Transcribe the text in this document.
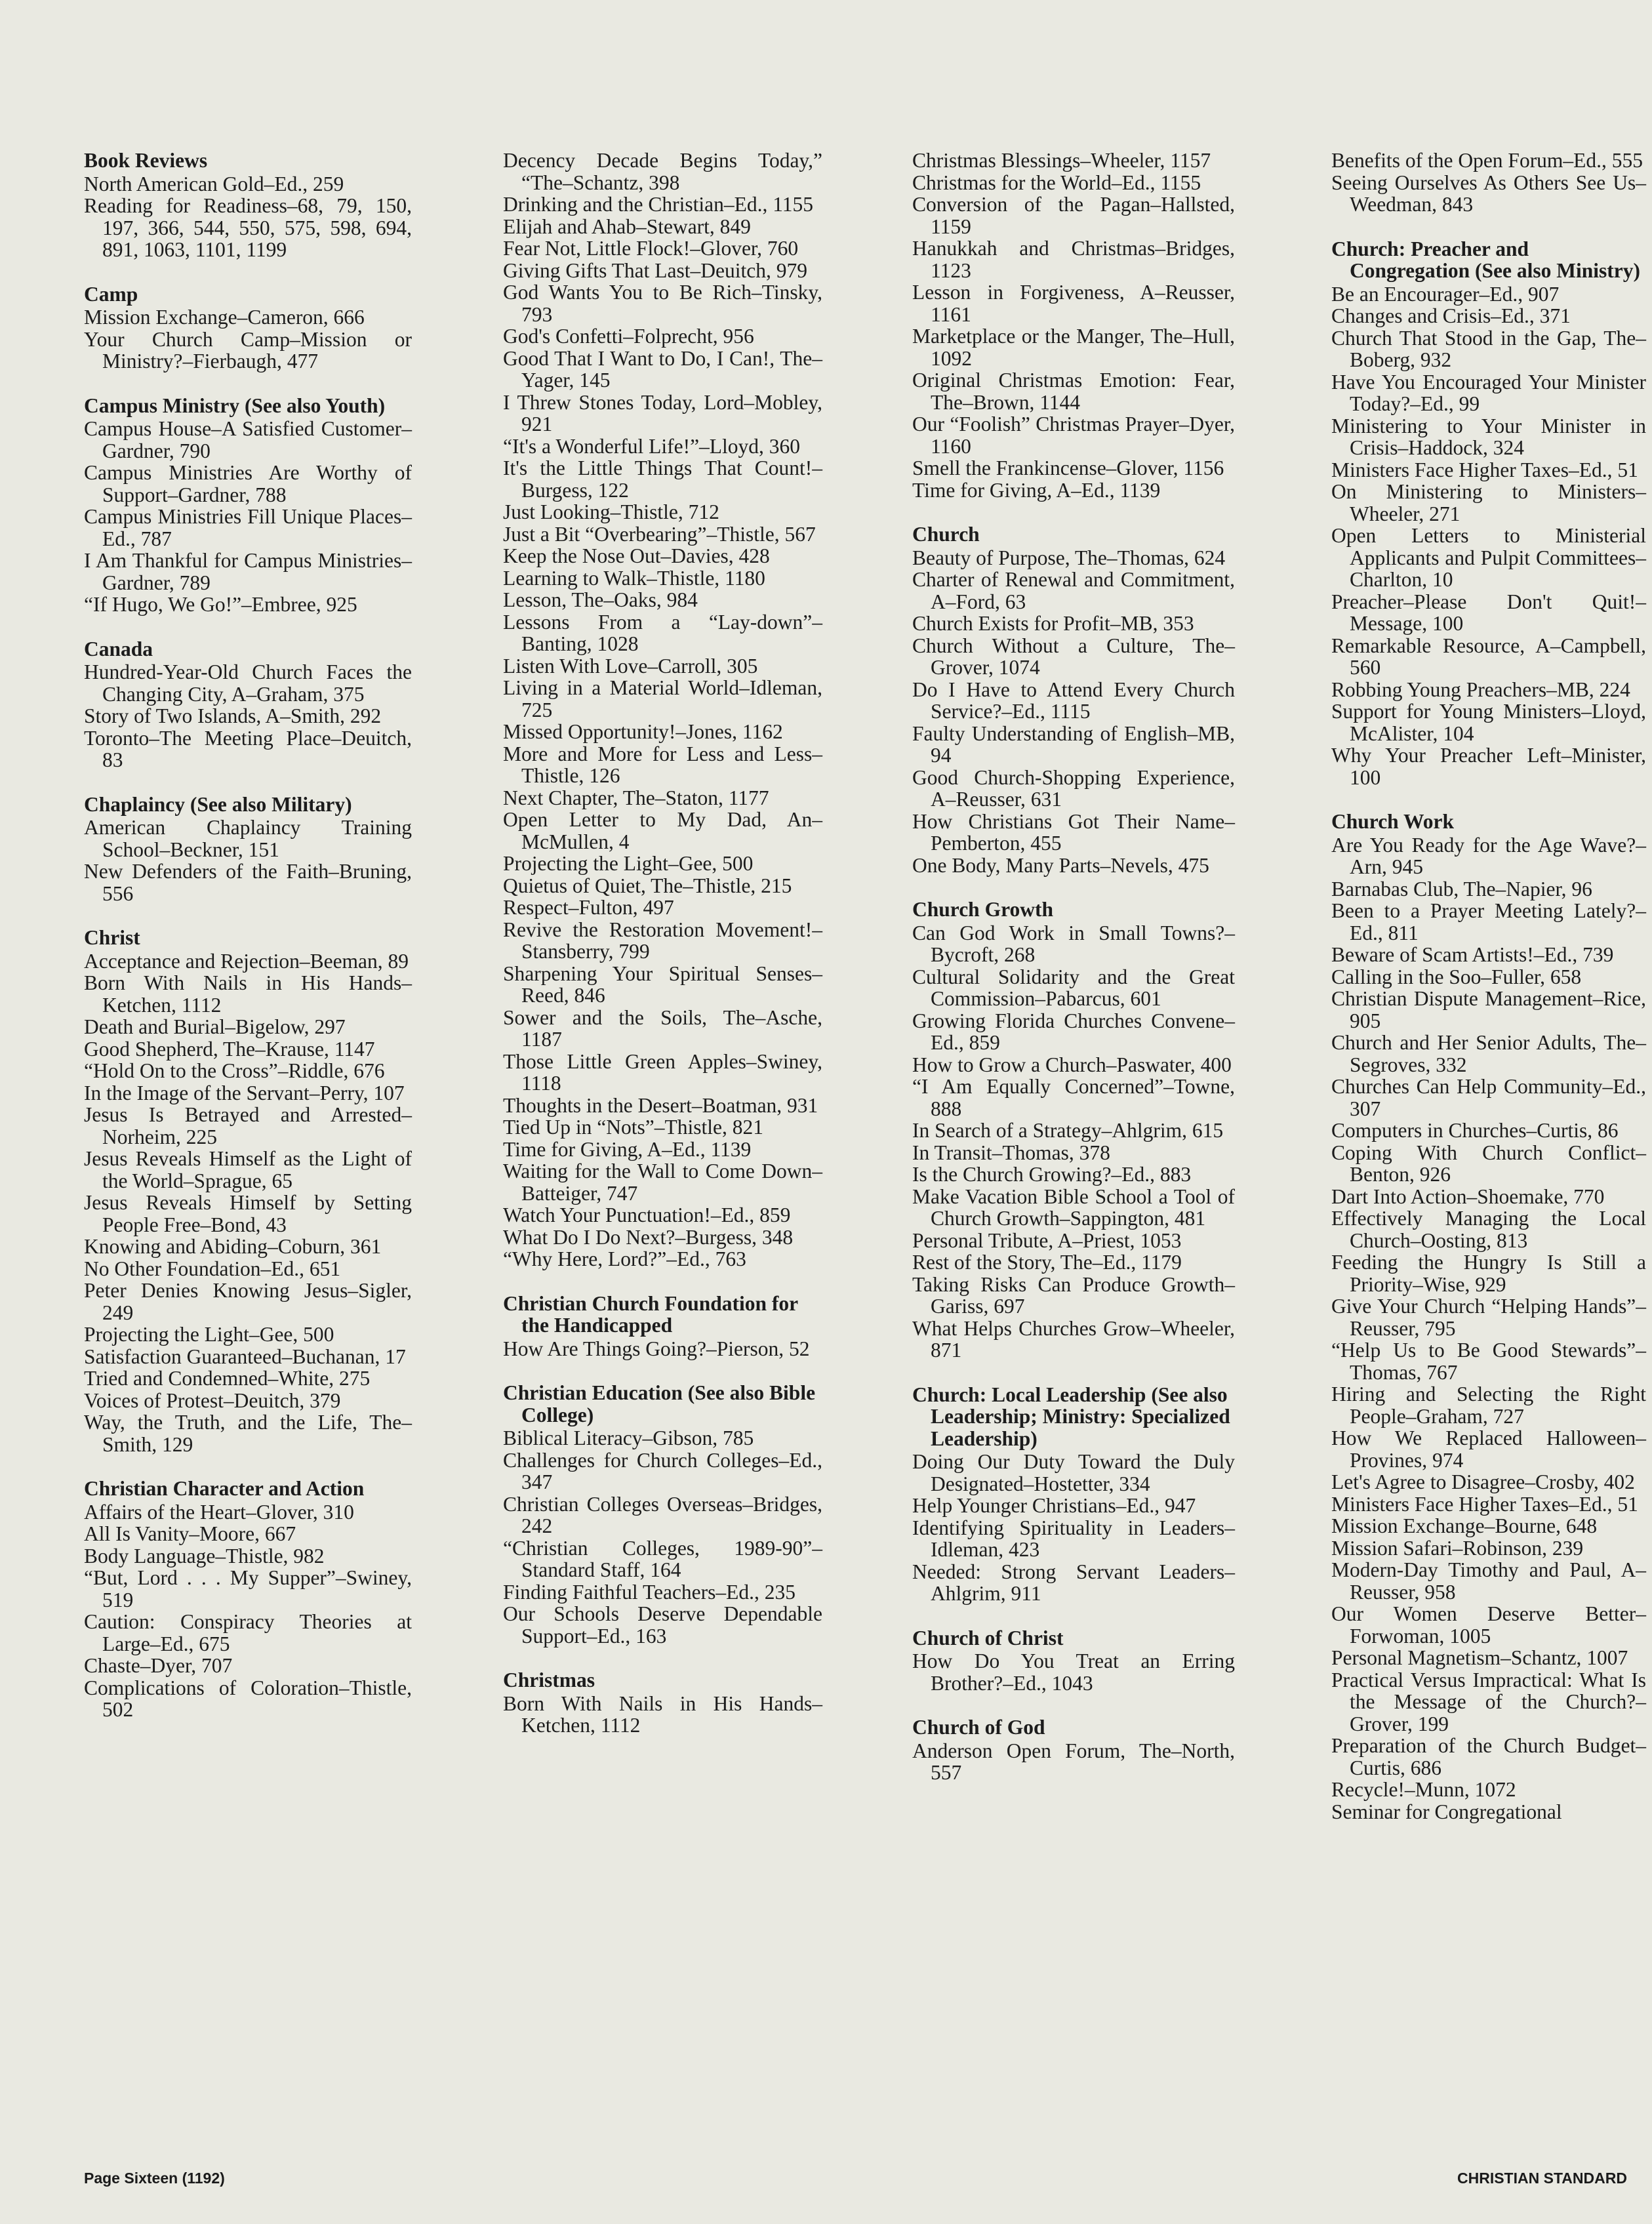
Book Reviews
North American Gold–Ed., 259
Reading for Readiness–68, 79, 150, 197, 366, 544, 550, 575, 598, 694, 891, 1063, 1101, 1199
Camp
Mission Exchange–Cameron, 666
Your Church Camp–Mission or Ministry?–Fierbaugh, 477
Campus Ministry (See also Youth)
Campus House–A Satisfied Customer–Gardner, 790
Campus Ministries Are Worthy of Support–Gardner, 788
Campus Ministries Fill Unique Places–Ed., 787
I Am Thankful for Campus Ministries–Gardner, 789
“If Hugo, We Go!”–Embree, 925
Canada
Hundred-Year-Old Church Faces the Changing City, A–Graham, 375
Story of Two Islands, A–Smith, 292
Toronto–The Meeting Place–Deuitch, 83
Chaplaincy (See also Military)
American Chaplaincy Training School–Beckner, 151
New Defenders of the Faith–Bruning, 556
Christ
Acceptance and Rejection–Beeman, 89
Born With Nails in His Hands–Ketchen, 1112
Death and Burial–Bigelow, 297
Good Shepherd, The–Krause, 1147
“Hold On to the Cross”–Riddle, 676
In the Image of the Servant–Perry, 107
Jesus Is Betrayed and Arrested–Norheim, 225
Jesus Reveals Himself as the Light of the World–Sprague, 65
Jesus Reveals Himself by Setting People Free–Bond, 43
Knowing and Abiding–Coburn, 361
No Other Foundation–Ed., 651
Peter Denies Knowing Jesus–Sigler, 249
Projecting the Light–Gee, 500
Satisfaction Guaranteed–Buchanan, 17
Tried and Condemned–White, 275
Voices of Protest–Deuitch, 379
Way, the Truth, and the Life, The–Smith, 129
Christian Character and Action
Affairs of the Heart–Glover, 310
All Is Vanity–Moore, 667
Body Language–Thistle, 982
“But, Lord . . . My Supper”–Swiney, 519
Caution: Conspiracy Theories at Large–Ed., 675
Chaste–Dyer, 707
Complications of Coloration–Thistle, 502
Decency Decade Begins Today,” “The–Schantz, 398
Drinking and the Christian–Ed., 1155
Elijah and Ahab–Stewart, 849
Fear Not, Little Flock!–Glover, 760
Giving Gifts That Last–Deuitch, 979
God Wants You to Be Rich–Tinsky, 793
God's Confetti–Folprecht, 956
Good That I Want to Do, I Can!, The–Yager, 145
I Threw Stones Today, Lord–Mobley, 921
“It's a Wonderful Life!”–Lloyd, 360
It's the Little Things That Count!–Burgess, 122
Just Looking–Thistle, 712
Just a Bit “Overbearing”–Thistle, 567
Keep the Nose Out–Davies, 428
Learning to Walk–Thistle, 1180
Lesson, The–Oaks, 984
Lessons From a “Lay-down”–Banting, 1028
Listen With Love–Carroll, 305
Living in a Material World–Idleman, 725
Missed Opportunity!–Jones, 1162
More and More for Less and Less–Thistle, 126
Next Chapter, The–Staton, 1177
Open Letter to My Dad, An–McMullen, 4
Projecting the Light–Gee, 500
Quietus of Quiet, The–Thistle, 215
Respect–Fulton, 497
Revive the Restoration Movement!–Stansberry, 799
Sharpening Your Spiritual Senses–Reed, 846
Sower and the Soils, The–Asche, 1187
Those Little Green Apples–Swiney, 1118
Thoughts in the Desert–Boatman, 931
Tied Up in “Nots”–Thistle, 821
Time for Giving, A–Ed., 1139
Waiting for the Wall to Come Down–Batteiger, 747
Watch Your Punctuation!–Ed., 859
What Do I Do Next?–Burgess, 348
“Why Here, Lord?”–Ed., 763
Christian Church Foundation for the Handicapped
How Are Things Going?–Pierson, 52
Christian Education (See also Bible College)
Biblical Literacy–Gibson, 785
Challenges for Church Colleges–Ed., 347
Christian Colleges Overseas–Bridges, 242
“Christian Colleges, 1989-90”–Standard Staff, 164
Finding Faithful Teachers–Ed., 235
Our Schools Deserve Dependable Support–Ed., 163
Christmas
Born With Nails in His Hands–Ketchen, 1112
Christmas Blessings–Wheeler, 1157
Christmas for the World–Ed., 1155
Conversion of the Pagan–Hallsted, 1159
Hanukkah and Christmas–Bridges, 1123
Lesson in Forgiveness, A–Reusser, 1161
Marketplace or the Manger, The–Hull, 1092
Original Christmas Emotion: Fear, The–Brown, 1144
Our “Foolish” Christmas Prayer–Dyer, 1160
Smell the Frankincense–Glover, 1156
Time for Giving, A–Ed., 1139
Church
Beauty of Purpose, The–Thomas, 624
Charter of Renewal and Commitment, A–Ford, 63
Church Exists for Profit–MB, 353
Church Without a Culture, The–Grover, 1074
Do I Have to Attend Every Church Service?–Ed., 1115
Faulty Understanding of English–MB, 94
Good Church-Shopping Experience, A–Reusser, 631
How Christians Got Their Name–Pemberton, 455
One Body, Many Parts–Nevels, 475
Church Growth
Can God Work in Small Towns?–Bycroft, 268
Cultural Solidarity and the Great Commission–Pabarcus, 601
Growing Florida Churches Convene–Ed., 859
How to Grow a Church–Paswater, 400
“I Am Equally Concerned”–Towne, 888
In Search of a Strategy–Ahlgrim, 615
In Transit–Thomas, 378
Is the Church Growing?–Ed., 883
Make Vacation Bible School a Tool of Church Growth–Sappington, 481
Personal Tribute, A–Priest, 1053
Rest of the Story, The–Ed., 1179
Taking Risks Can Produce Growth–Gariss, 697
What Helps Churches Grow–Wheeler, 871
Church: Local Leadership (See also Leadership; Ministry: Specialized Leadership)
Doing Our Duty Toward the Duly Designated–Hostetter, 334
Help Younger Christians–Ed., 947
Identifying Spirituality in Leaders–Idleman, 423
Needed: Strong Servant Leaders–Ahlgrim, 911
Church of Christ
How Do You Treat an Erring Brother?–Ed., 1043
Church of God
Anderson Open Forum, The–North, 557
Benefits of the Open Forum–Ed., 555
Seeing Ourselves As Others See Us–Weedman, 843
Church: Preacher and Congregation (See also Ministry)
Be an Encourager–Ed., 907
Changes and Crisis–Ed., 371
Church That Stood in the Gap, The–Boberg, 932
Have You Encouraged Your Minister Today?–Ed., 99
Ministering to Your Minister in Crisis–Haddock, 324
Ministers Face Higher Taxes–Ed., 51
On Ministering to Ministers–Wheeler, 271
Open Letters to Ministerial Applicants and Pulpit Committees–Charlton, 10
Preacher–Please Don't Quit!–Message, 100
Remarkable Resource, A–Campbell, 560
Robbing Young Preachers–MB, 224
Support for Young Ministers–Lloyd, McAlister, 104
Why Your Preacher Left–Minister, 100
Church Work
Are You Ready for the Age Wave?–Arn, 945
Barnabas Club, The–Napier, 96
Been to a Prayer Meeting Lately?–Ed., 811
Beware of Scam Artists!–Ed., 739
Calling in the Soo–Fuller, 658
Christian Dispute Management–Rice, 905
Church and Her Senior Adults, The–Segroves, 332
Churches Can Help Community–Ed., 307
Computers in Churches–Curtis, 86
Coping With Church Conflict–Benton, 926
Dart Into Action–Shoemake, 770
Effectively Managing the Local Church–Oosting, 813
Feeding the Hungry Is Still a Priority–Wise, 929
Give Your Church “Helping Hands”–Reusser, 795
“Help Us to Be Good Stewards”–Thomas, 767
Hiring and Selecting the Right People–Graham, 727
How We Replaced Halloween–Provines, 974
Let's Agree to Disagree–Crosby, 402
Ministers Face Higher Taxes–Ed., 51
Mission Exchange–Bourne, 648
Mission Safari–Robinson, 239
Modern-Day Timothy and Paul, A–Reusser, 958
Our Women Deserve Better–Forwoman, 1005
Personal Magnetism–Schantz, 1007
Practical Versus Impractical: What Is the Message of the Church?–Grover, 199
Preparation of the Church Budget–Curtis, 686
Recycle!–Munn, 1072
Seminar for Congregational
Page Sixteen (1192)	CHRISTIAN STANDARD
